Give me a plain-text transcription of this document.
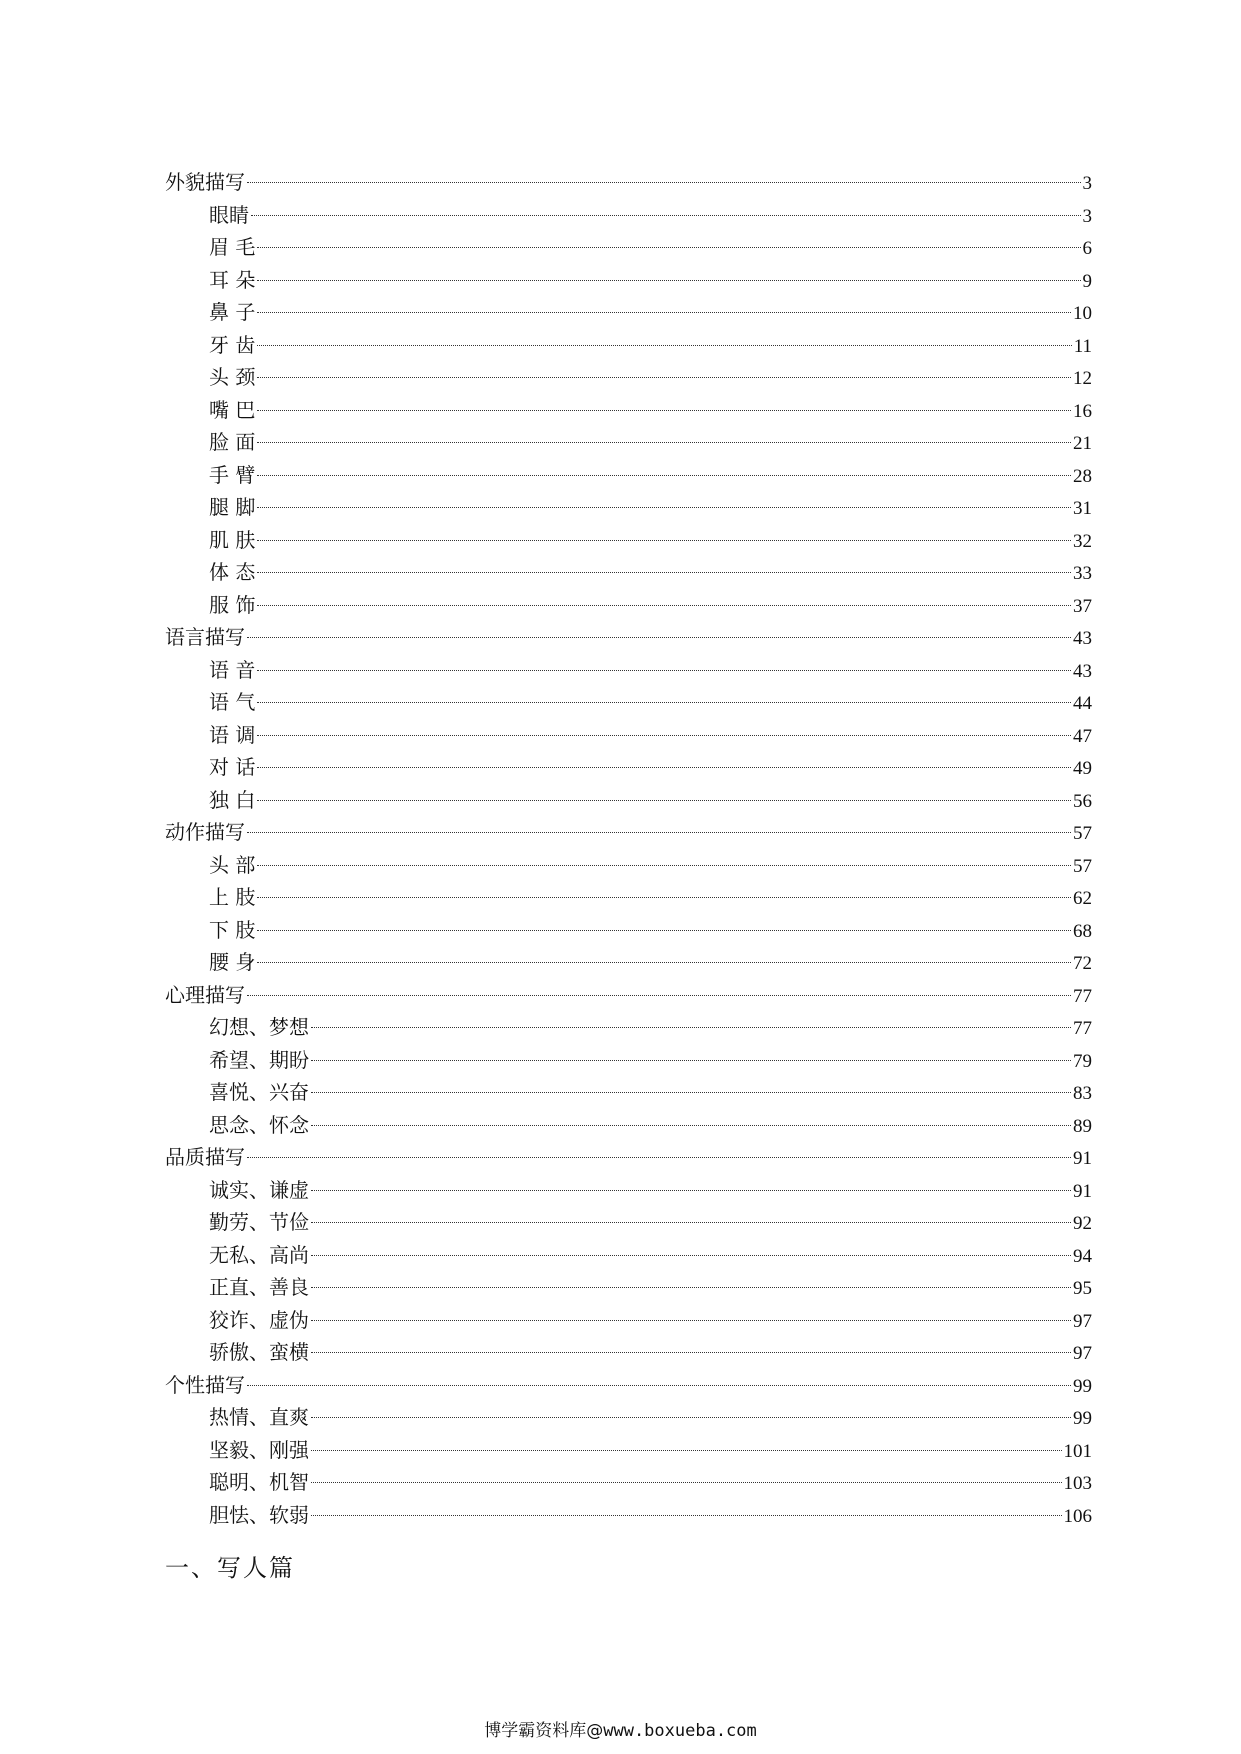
外貌描写	3
眼睛	3
眉 毛	6
耳 朵	9
鼻 子	10
牙 齿	11
头 颈	12
嘴 巴	16
脸 面	21
手 臂	28
腿 脚	31
肌 肤	32
体 态	33
服 饰	37
语言描写	43
语 音	43
语 气	44
语 调	47
对 话	49
独 白	56
动作描写	57
头 部	57
上 肢	62
下 肢	68
腰 身	72
心理描写	77
幻想、梦想	77
希望、期盼	79
喜悦、兴奋	83
思念、怀念	89
品质描写	91
诚实、谦虚	91
勤劳、节俭	92
无私、高尚	94
正直、善良	95
狡诈、虚伪	97
骄傲、蛮横	97
个性描写	99
热情、直爽	99
坚毅、刚强	101
聪明、机智	103
胆怯、软弱	106
一、写人篇
博学霸资料库@www.boxueba.com
